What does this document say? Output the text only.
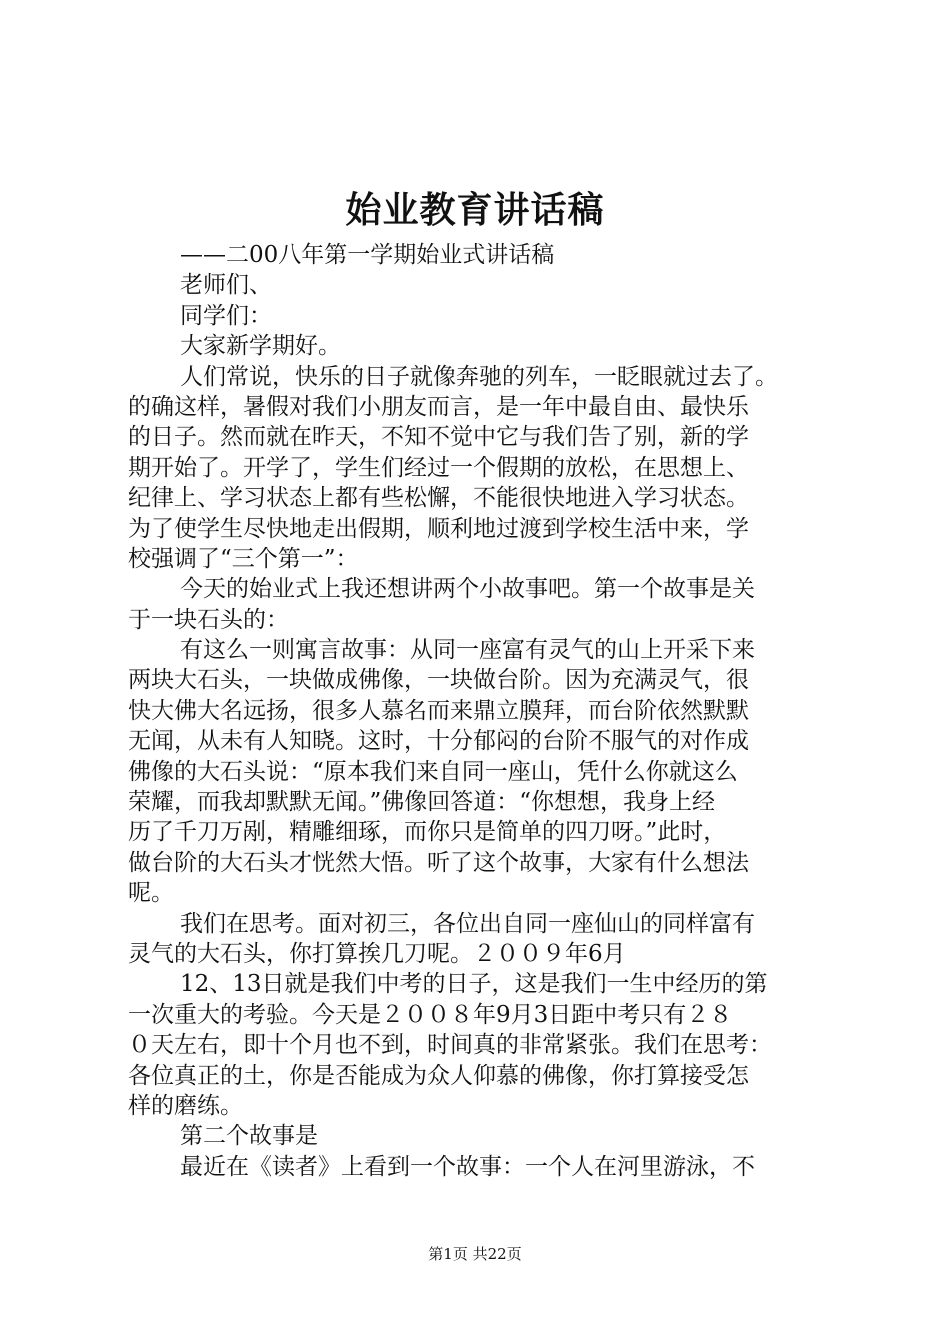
始业教育讲话稿
——二00八年第一学期始业式讲话稿
老师们、
同学们：
大家新学期好。
人们常说，快乐的日子就像奔驰的列车，一眨眼就过去了。
的确这样，暑假对我们小朋友而言，是一年中最自由、最快乐
的日子。然而就在昨天，不知不觉中它与我们告了别，新的学
期开始了。开学了，学生们经过一个假期的放松，在思想上、
纪律上、学习状态上都有些松懈，不能很快地进入学习状态。
为了使学生尽快地走出假期，顺利地过渡到学校生活中来，学
校强调了“三个第一”：
今天的始业式上我还想讲两个小故事吧。第一个故事是关
于一块石头的：
有这么一则寓言故事：从同一座富有灵气的山上开采下来
两块大石头，一块做成佛像，一块做台阶。因为充满灵气，很
快大佛大名远扬，很多人慕名而来鼎立膜拜，而台阶依然默默
无闻，从未有人知晓。这时，十分郁闷的台阶不服气的对作成
佛像的大石头说：“原本我们来自同一座山，凭什么你就这么
荣耀，而我却默默无闻。”佛像回答道：“你想想，我身上经
历了千刀万剐，精雕细琢，而你只是简单的四刀呀。”此时，
做台阶的大石头才恍然大悟。听了这个故事，大家有什么想法
呢。
我们在思考。面对初三，各位出自同一座仙山的同样富有
灵气的大石头，你打算挨几刀呢。２００９年6月
12、13日就是我们中考的日子，这是我们一生中经历的第
一次重大的考验。今天是２００８年9月3日距中考只有２８
０天左右，即十个月也不到，时间真的非常紧张。我们在思考：
各位真正的土，你是否能成为众人仰慕的佛像，你打算接受怎
样的磨练。
第二个故事是
最近在《读者》上看到一个故事：一个人在河里游泳，不
第1页 共22页
